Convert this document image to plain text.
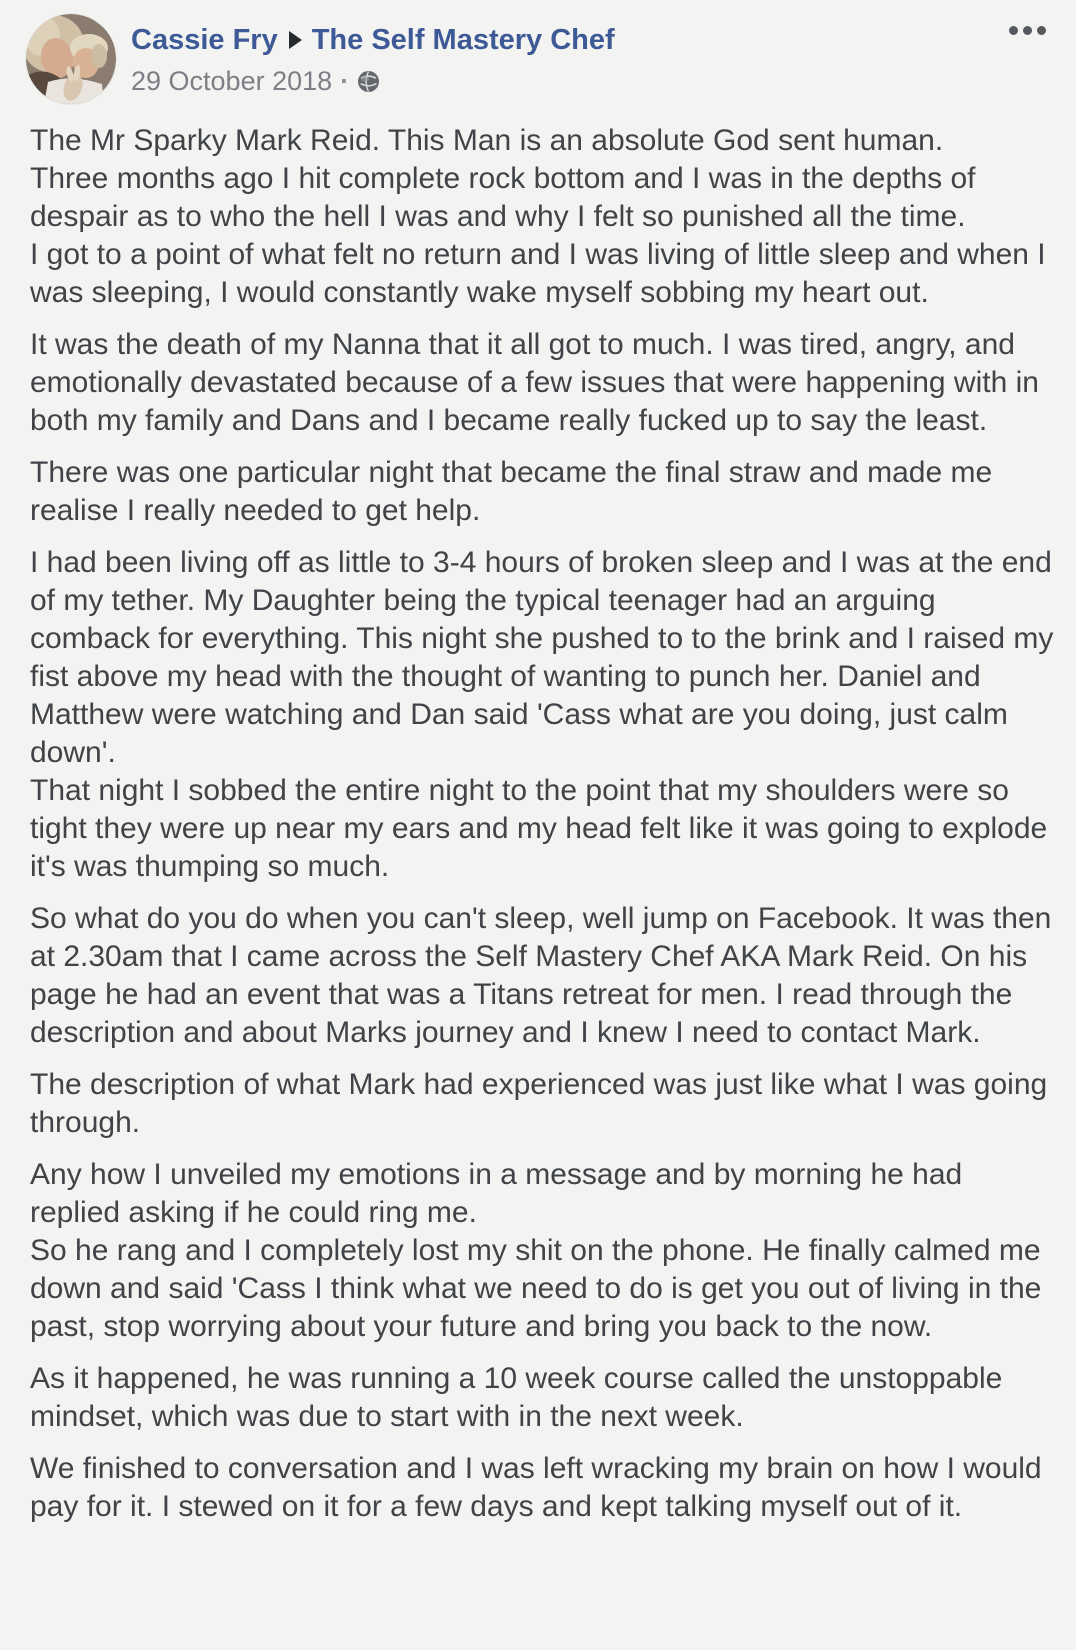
Cassie Fry The Self Mastery Chef
29 October 2018 ·

The Mr Sparky Mark Reid. This Man is an absolute God sent human.
Three months ago I hit complete rock bottom and I was in the depths of despair as to who the hell I was and why I felt so punished all the time.
I got to a point of what felt no return and I was living of little sleep and when I was sleeping, I would constantly wake myself sobbing my heart out.

It was the death of my Nanna that it all got to much. I was tired, angry, and emotionally devastated because of a few issues that were happening with in both my family and Dans and I became really fucked up to say the least.

There was one particular night that became the final straw and made me realise I really needed to get help.

I had been living off as little to 3-4 hours of broken sleep and I was at the end of my tether. My Daughter being the typical teenager had an arguing comback for everything. This night she pushed to to the brink and I raised my fist above my head with the thought of wanting to punch her. Daniel and Matthew were watching and Dan said 'Cass what are you doing, just calm down'.
That night I sobbed the entire night to the point that my shoulders were so tight they were up near my ears and my head felt like it was going to explode it's was thumping so much.

So what do you do when you can't sleep, well jump on Facebook. It was then at 2.30am that I came across the Self Mastery Chef AKA Mark Reid. On his page he had an event that was a Titans retreat for men. I read through the description and about Marks journey and I knew I need to contact Mark.

The description of what Mark had experienced was just like what I was going through.

Any how I unveiled my emotions in a message and by morning he had replied asking if he could ring me.
So he rang and I completely lost my shit on the phone. He finally calmed me down and said 'Cass I think what we need to do is get you out of living in the past, stop worrying about your future and bring you back to the now.

As it happened, he was running a 10 week course called the unstoppable mindset, which was due to start with in the next week.

We finished to conversation and I was left wracking my brain on how I would pay for it. I stewed on it for a few days and kept talking myself out of it.
